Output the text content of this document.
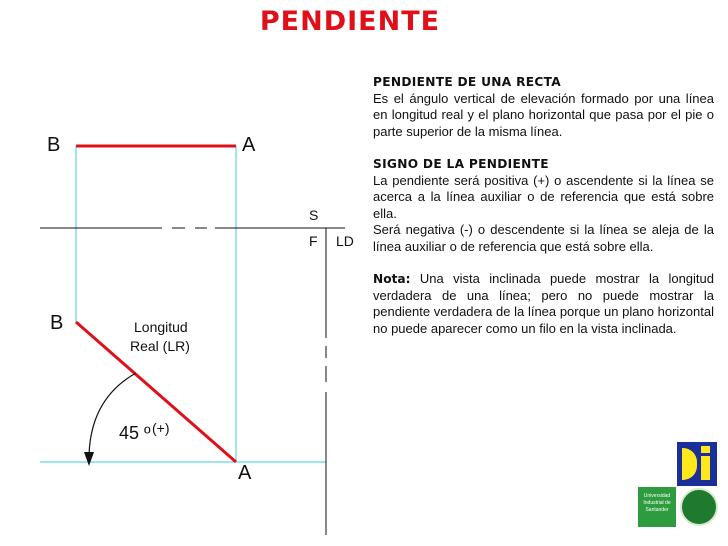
PENDIENTE
B	A
B
A
Longitud
Real (LR)
45 º (+)
S
F LD
PENDIENTE DE UNA RECTA

Es el ángulo vertical de elevación formado por una línea en longitud real y el plano horizontal que pasa por el pie o parte superior de la misma línea.

SIGNO DE LA PENDIENTE

La pendiente será positiva (+) o ascendente si la línea se acerca a la línea auxiliar o de referencia que está sobre ella.

Será negativa (-) o descendente si la línea se aleja de la línea auxiliar o de referencia que está sobre ella.

Nota: Una vista inclinada puede mostrar la longitud verdadera de una línea; pero no puede mostrar la pendiente verdadera de la línea porque un plano horizontal no puede aparecer como un filo en la vista inclinada.

Universidad Industrial de Santander
